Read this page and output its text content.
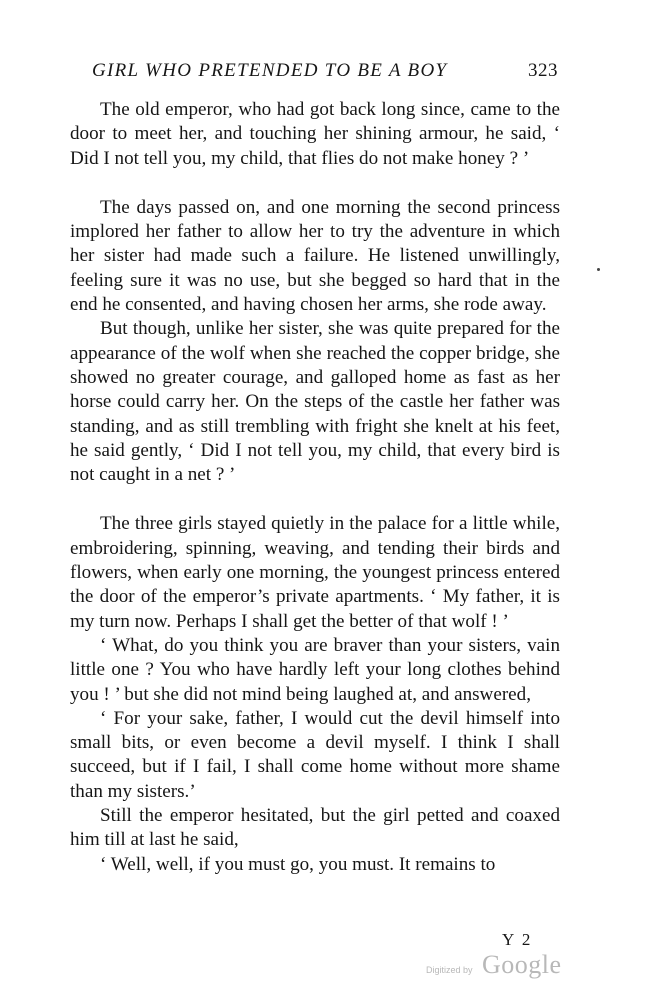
GIRL WHO PRETENDED TO BE A BOY	323

The old emperor, who had got back long since, came to the door to meet her, and touching her shining armour, he said, ‘ Did I not tell you, my child, that flies do not make honey ? ’

The days passed on, and one morning the second princess implored her father to allow her to try the adventure in which her sister had made such a failure. He listened unwillingly, feeling sure it was no use, but she begged so hard that in the end he consented, and having chosen her arms, she rode away.

But though, unlike her sister, she was quite prepared for the appearance of the wolf when she reached the copper bridge, she showed no greater courage, and galloped home as fast as her horse could carry her. On the steps of the castle her father was standing, and as still trembling with fright she knelt at his feet, he said gently, ‘ Did I not tell you, my child, that every bird is not caught in a net ? ’

The three girls stayed quietly in the palace for a little while, embroidering, spinning, weaving, and tending their birds and flowers, when early one morning, the youngest princess entered the door of the emperor’s private apartments. ‘ My father, it is my turn now. Perhaps I shall get the better of that wolf ! ’

‘ What, do you think you are braver than your sisters, vain little one ? You who have hardly left your long clothes behind you ! ’ but she did not mind being laughed at, and answered,

‘ For your sake, father, I would cut the devil himself into small bits, or even become a devil myself. I think I shall succeed, but if I fail, I shall come home without more shame than my sisters.’

Still the emperor hesitated, but the girl petted and coaxed him till at last he said,

‘ Well, well, if you must go, you must. It remains to

Y 2
Digitized by Google
